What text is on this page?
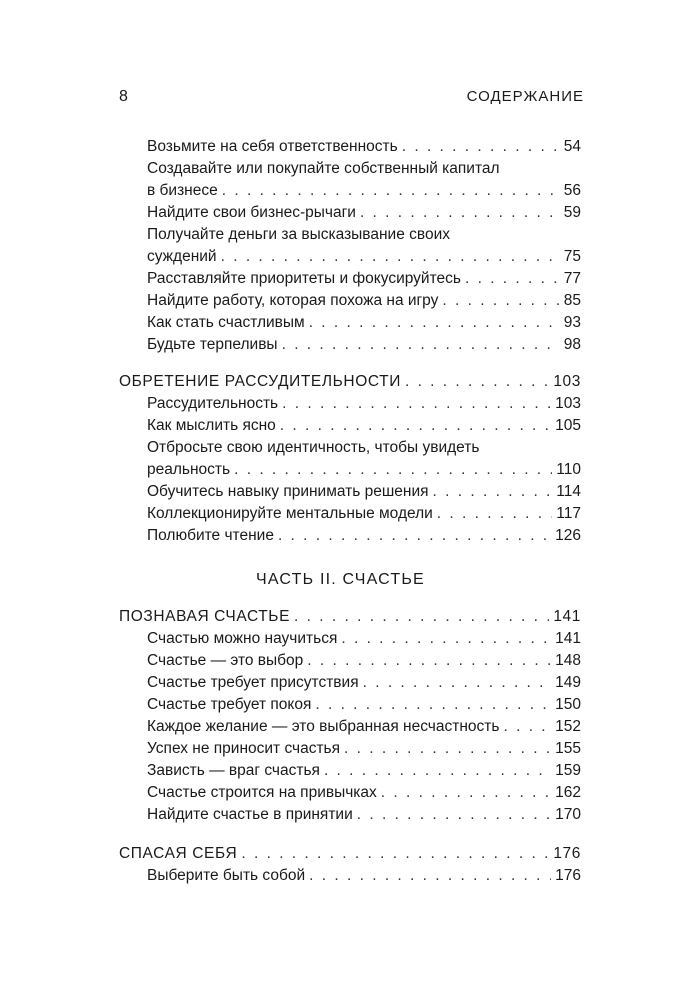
8	СОДЕРЖАНИЕ
Возьмите на себя ответственность . . .	54
Создавайте или покупайте собственный капитал
в бизнесе . . .	56
Найдите свои бизнес-рычаги . . .	59
Получайте деньги за высказывание своих
суждений . . .	75
Расставляйте приоритеты и фокусируйтесь . . .	77
Найдите работу, которая похожа на игру . . .	85
Как стать счастливым . . .	93
Будьте терпеливы . . .	98
ОБРЕТЕНИЕ РАССУДИТЕЛЬНОСТИ . . .	103
Рассудительность . . .	103
Как мыслить ясно . . .	105
Отбросьте свою идентичность, чтобы увидеть
реальность . . .	110
Обучитесь навыку принимать решения . . .	114
Коллекционируйте ментальные модели . . .	117
Полюбите чтение . . .	126
ЧАСТЬ II. СЧАСТЬЕ
ПОЗНАВАЯ СЧАСТЬЕ . . .	141
Счастью можно научиться . . .	141
Счастье — это выбор . . .	148
Счастье требует присутствия . . .	149
Счастье требует покоя . . .	150
Каждое желание — это выбранная несчастность . . .	152
Успех не приносит счастья . . .	155
Зависть — враг счастья . . .	159
Счастье строится на привычках . . .	162
Найдите счастье в принятии . . .	170
СПАСАЯ СЕБЯ . . .	176
Выберите быть собой . . .	176
